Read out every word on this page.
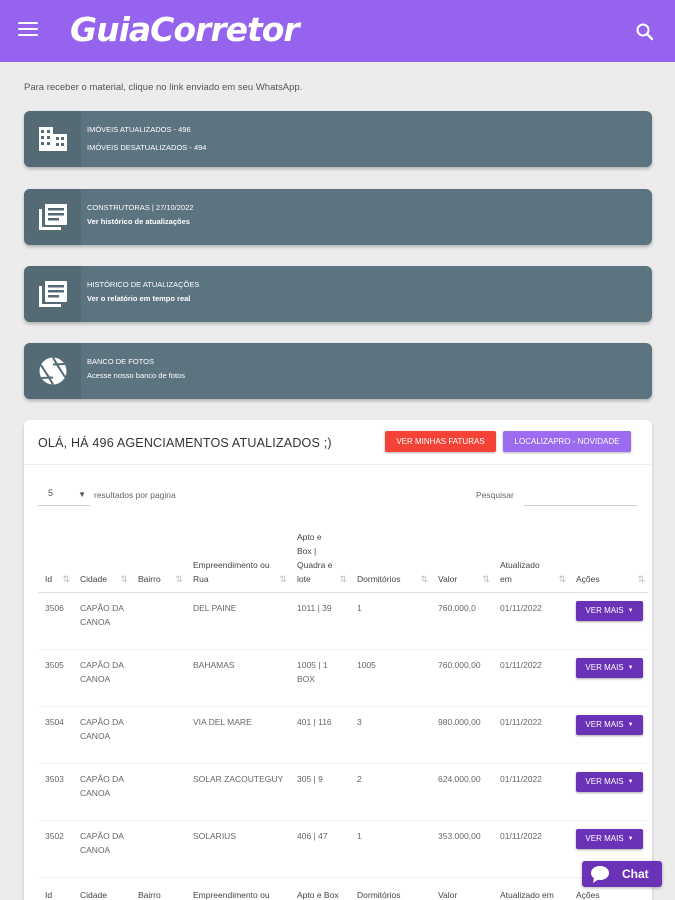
GuiaCorretor
Para receber o material, clique no link enviado em seu WhatsApp.
IMÓVEIS ATUALIZADOS - 496
IMÓVEIS DESATUALIZADOS - 494
CONSTRUTORAS | 27/10/2022
Ver histórico de atualizações
HISTÓRICO DE ATUALIZAÇÕES
Ver o relatório em tempo real
BANCO DE FOTOS
Acesse nosso banco de fotos
OLÁ, HÁ 496 AGENCIAMENTOS ATUALIZADOS ;)	VER MINHAS FATURAS	LOCALIZAPRO - NOVIDADE
5	▼ resultados por pagina	Pesquisar
Id ⇅	Cidade ⇅	Bairro ⇅	Empreendimento ou Rua ⇅	Apto e Box | Quadra e lote ⇅	Dormitórios ⇅	Valor ⇅	Atualizado em ⇅	Ações ⇅

3506	CAPÃO DA CANOA		DEL PAINE	1011 | 39	1	760.000,0	01/11/2022	VER MAIS ▼

3505	CAPÃO DA CANOA		BAHAMAS	1005 | 1 BOX	1005	760.000,00	01/11/2022	VER MAIS ▼

3504	CAPÃO DA CANOA		VIA DEL MARE	401 | 116	3	980.000,00	01/11/2022	VER MAIS ▼

3503	CAPÃO DA CANOA		SOLAR ZACOUTEGUY	305 | 9	2	624.000,00	01/11/2022	VER MAIS ▼

3502	CAPÃO DA CANOA		SOLARIUS	406 | 47	1	353.000,00	01/11/2022	VER MAIS ▼

Id	Cidade	Bairro	Empreendimento ou	Apto e Box	Dormitórios	Valor	Atualizado em	Ações
Chat
